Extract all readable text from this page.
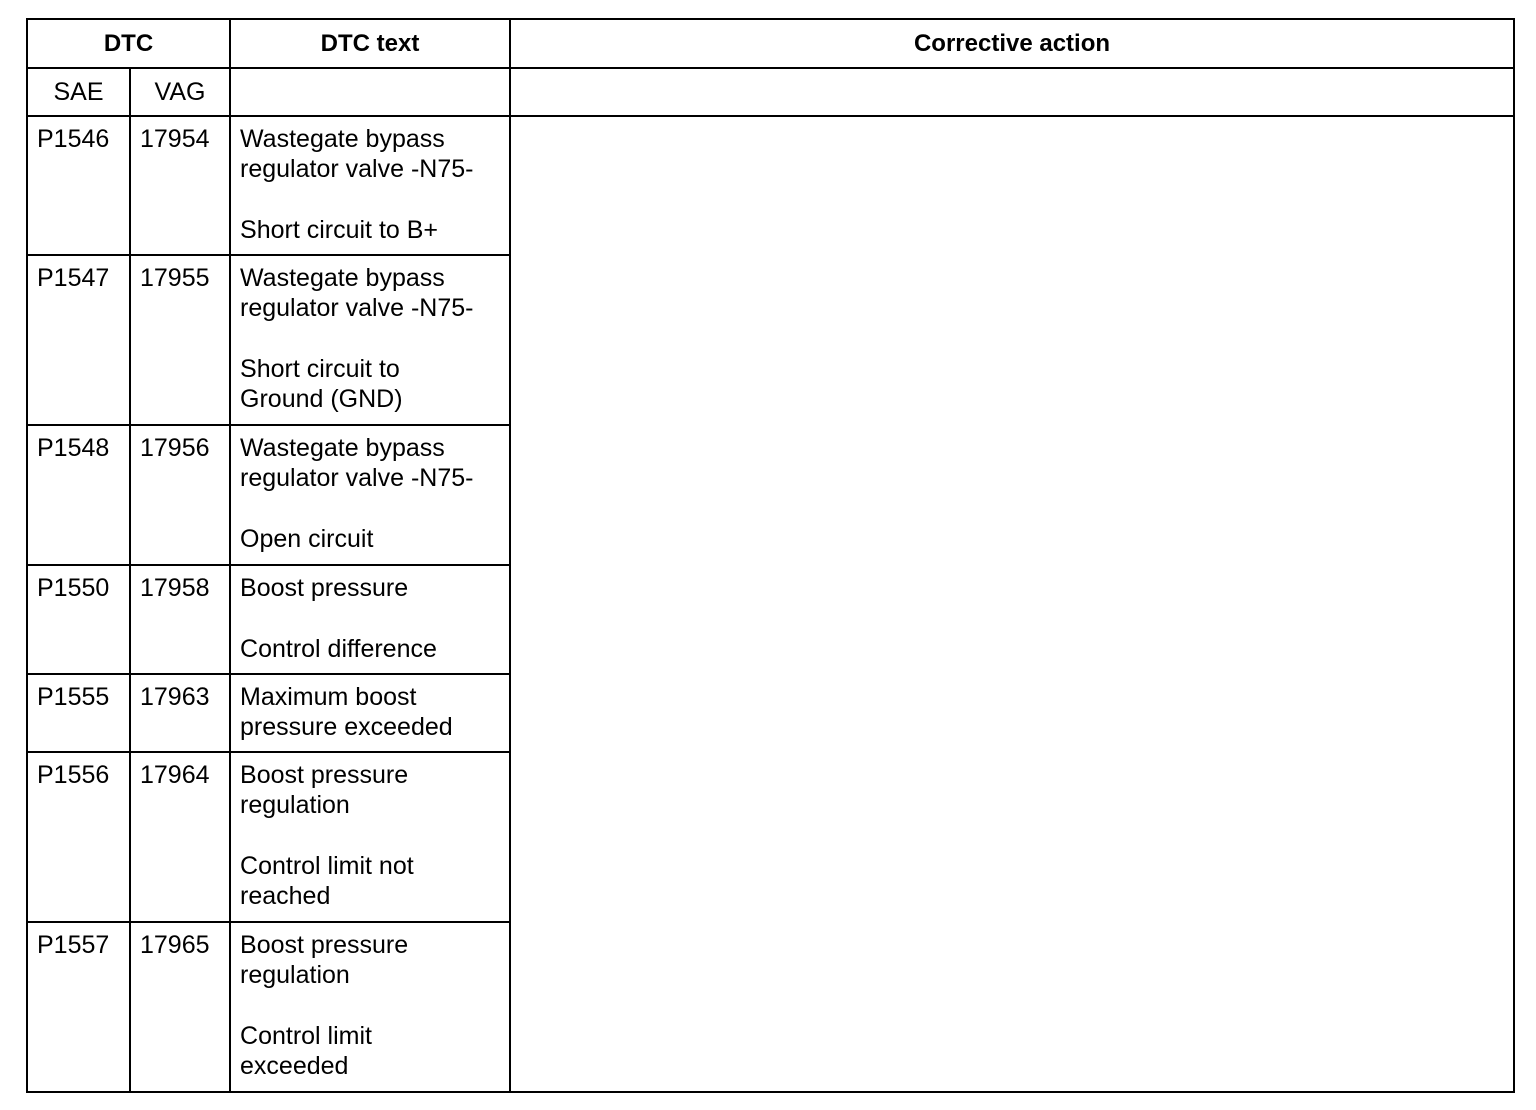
DTC		DTC text	Corrective action
SAE	VAG		
P1546	17954	Wastegate bypass
regulator valve -N75-
Short circuit to B+	

P1547	17955	Wastegate bypass
regulator valve -N75-
Short circuit to
Ground (GND)	

P1548	17956	Wastegate bypass
regulator valve -N75-
Open circuit	

P1550	17958	Boost pressure
Control difference	

P1555	17963	Maximum boost
pressure exceeded	

P1556	17964	Boost pressure
regulation
Control limit not
reached	

P1557	17965	Boost pressure
regulation
Control limit
exceeded	
